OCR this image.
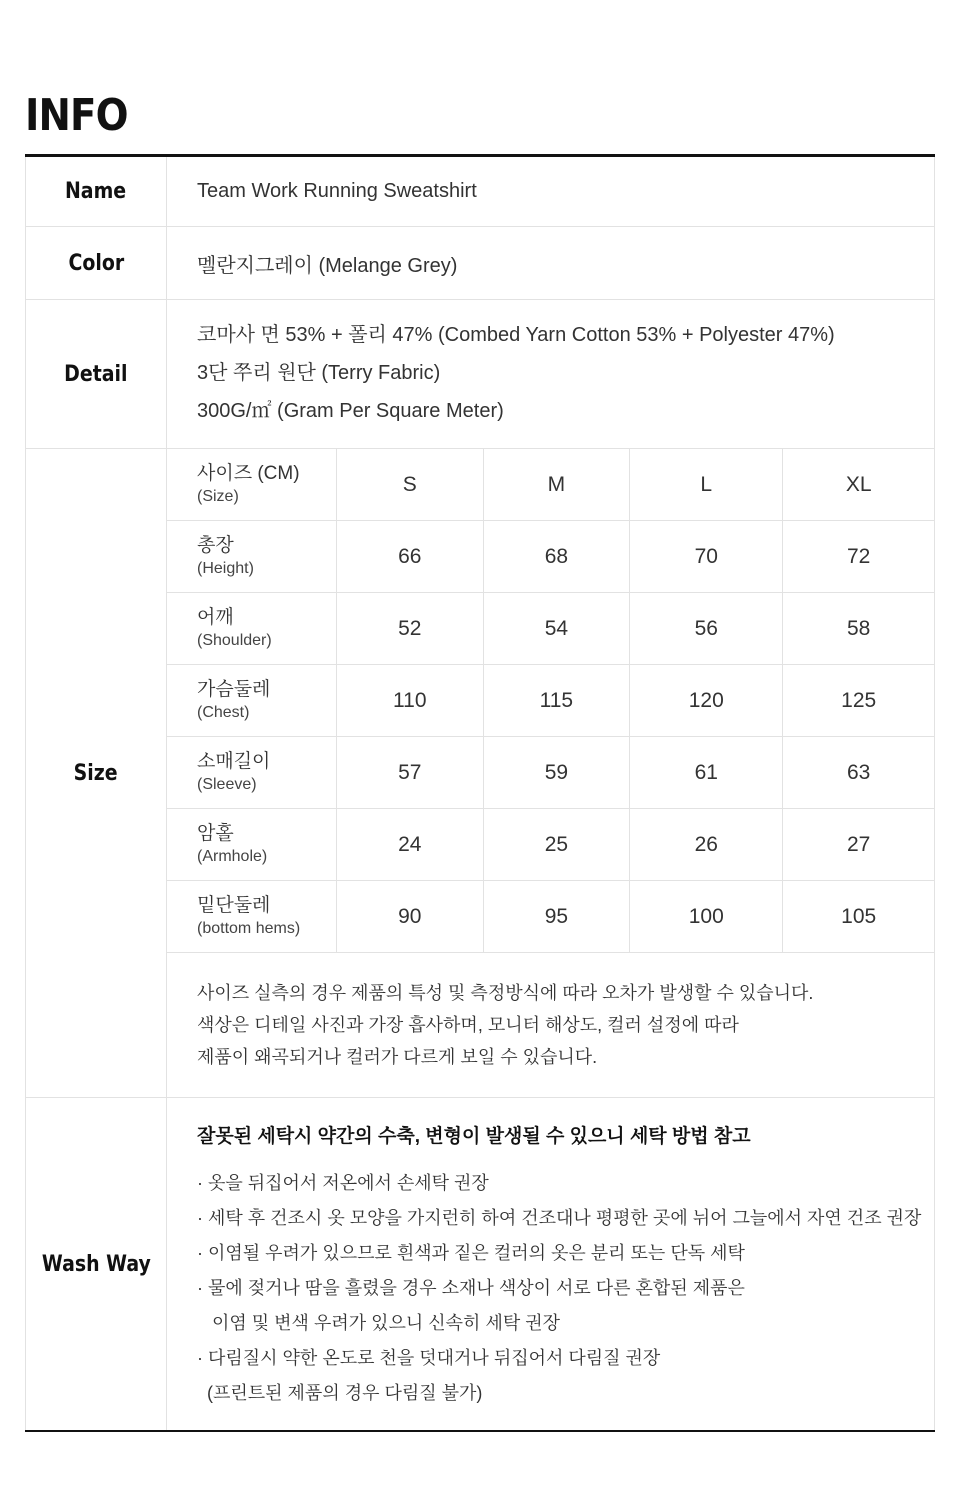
INFO
Name	Team Work Running Sweatshirt
Color	멜란지그레이 (Melange Grey)
Detail
코마사 면 53% + 폴리 47% (Combed Yarn Cotton 53% + Polyester 47%)
3단 쭈리 원단 (Terry Fabric)
300G/㎡ (Gram Per Square Meter)
Size
사이즈 (CM)
(Size)	S	M	L	XL

총장
(Height)	66	68	70	72

어깨
(Shoulder)	52	54	56	58

가슴둘레
(Chest)	110	115	120	125

소매길이
(Sleeve)	57	59	61	63

암홀
(Armhole)	24	25	26	27

밑단둘레
(bottom hems)	90	95	100	105
사이즈 실측의 경우 제품의 특성 및 측정방식에 따라 오차가 발생할 수 있습니다.
색상은 디테일 사진과 가장 흡사하며, 모니터 해상도, 컬러 설정에 따라
제품이 왜곡되거나 컬러가 다르게 보일 수 있습니다.
Wash Way
잘못된 세탁시 약간의 수축, 변형이 발생될 수 있으니 세탁 방법 참고
· 옷을 뒤집어서 저온에서 손세탁 권장
· 세탁 후 건조시 옷 모양을 가지런히 하여 건조대나 평평한 곳에 뉘어 그늘에서 자연 건조 권장
· 이염될 우려가 있으므로 흰색과 짙은 컬러의 옷은 분리 또는 단독 세탁
· 물에 젖거나 땀을 흘렸을 경우 소재나 색상이 서로 다른 혼합된 제품은
이염 및 변색 우려가 있으니 신속히 세탁 권장
· 다림질시 약한 온도로 천을 덧대거나 뒤집어서 다림질 권장
(프린트된 제품의 경우 다림질 불가)
